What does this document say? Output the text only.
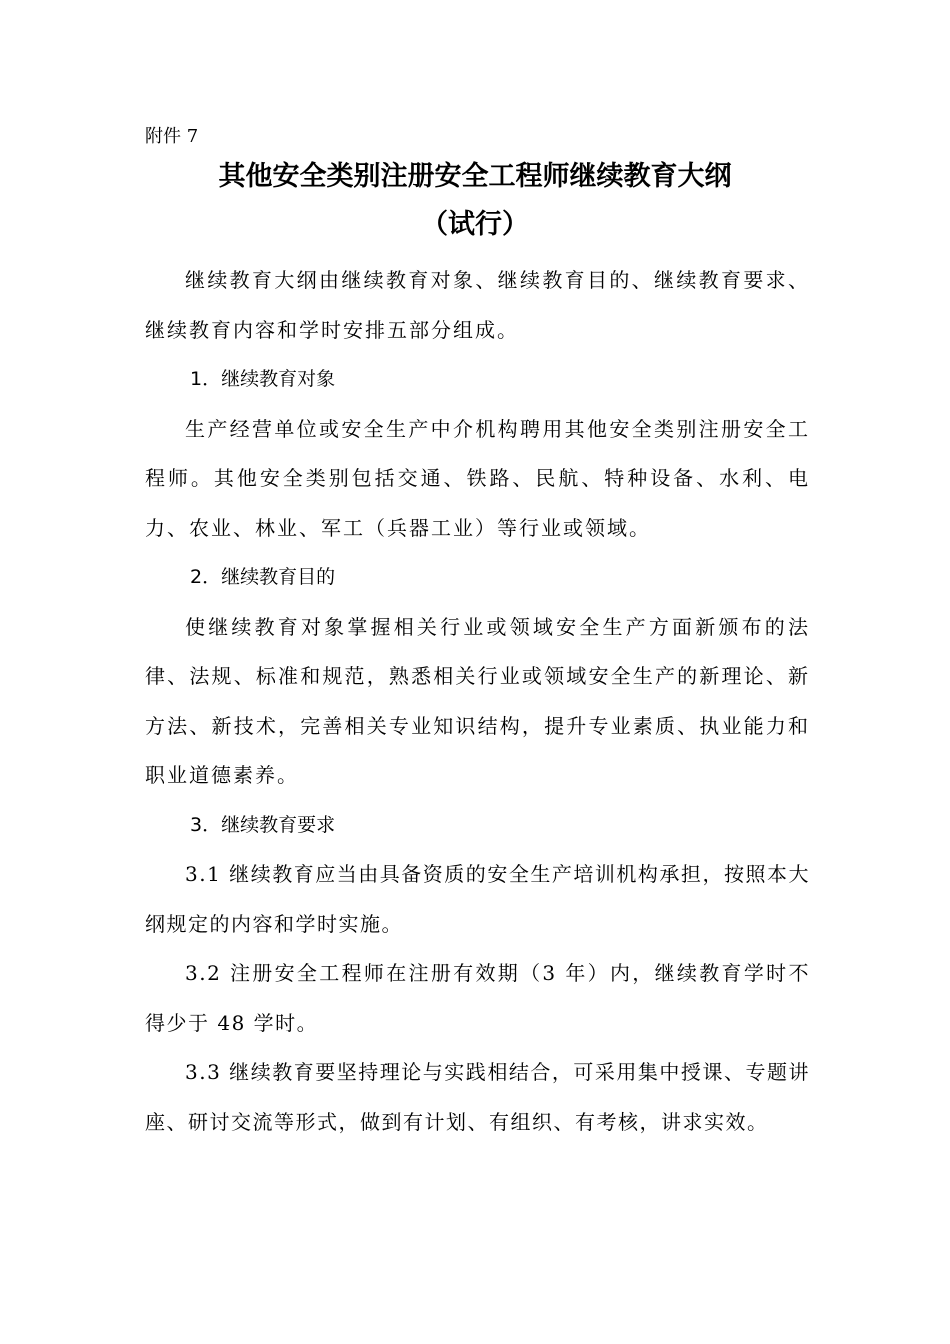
附件 7
其他安全类别注册安全工程师继续教育大纲
（试行）

继续教育大纲由继续教育对象、继续教育目的、继续教育要求、继续教育内容和学时安排五部分组成。

1．继续教育对象

生产经营单位或安全生产中介机构聘用其他安全类别注册安全工程师。其他安全类别包括交通、铁路、民航、特种设备、水利、电力、农业、林业、军工（兵器工业）等行业或领域。

2．继续教育目的

使继续教育对象掌握相关行业或领域安全生产方面新颁布的法律、法规、标准和规范，熟悉相关行业或领域安全生产的新理论、新方法、新技术，完善相关专业知识结构，提升专业素质、执业能力和职业道德素养。

3．继续教育要求

3.1 继续教育应当由具备资质的安全生产培训机构承担，按照本大纲规定的内容和学时实施。

3.2 注册安全工程师在注册有效期（3 年）内，继续教育学时不得少于 48 学时。

3.3 继续教育要坚持理论与实践相结合，可采用集中授课、专题讲座、研讨交流等形式，做到有计划、有组织、有考核，讲求实效。
